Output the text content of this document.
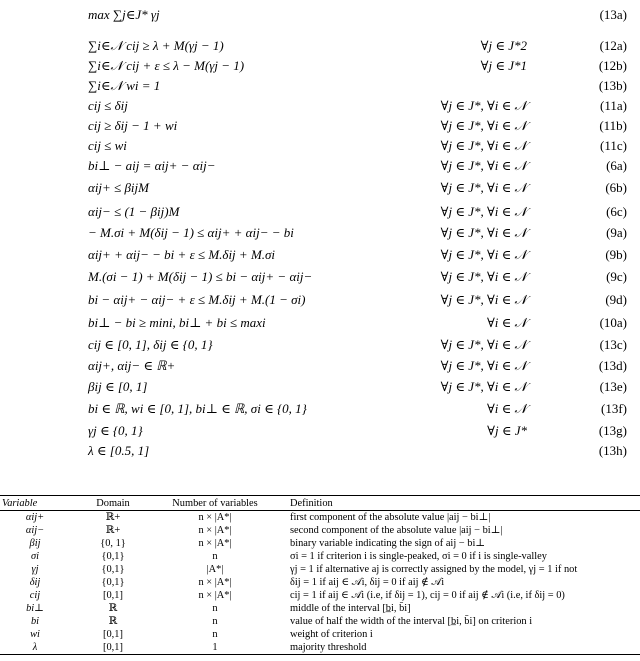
max ∑j∈J* γj	(13a)
∑i∈𝒩 cij ≥ λ + M(γj − 1)	∀j ∈ J*2	(12a)
∑i∈𝒩 cij + ε ≤ λ − M(γj − 1)	∀j ∈ J*1	(12b)
∑i∈𝒩 wi = 1	(13b)
cij ≤ δij	∀j ∈ J*, ∀i ∈ 𝒩	(11a)
cij ≥ δij − 1 + wi	∀j ∈ J*, ∀i ∈ 𝒩	(11b)
cij ≤ wi	∀j ∈ J*, ∀i ∈ 𝒩	(11c)
bi⊥ − aij = αij+ − αij−	∀j ∈ J*, ∀i ∈ 𝒩	(6a)
αij+ ≤ βijM	∀j ∈ J*, ∀i ∈ 𝒩	(6b)
αij− ≤ (1 − βij)M	∀j ∈ J*, ∀i ∈ 𝒩	(6c)
− M.σi + M(δij − 1) ≤ αij+ + αij− − bi	∀j ∈ J*, ∀i ∈ 𝒩	(9a)
αij+ + αij− − bi + ε ≤ M.δij + M.σi	∀j ∈ J*, ∀i ∈ 𝒩	(9b)
M.(σi − 1) + M(δij − 1) ≤ bi − αij+ − αij−	∀j ∈ J*, ∀i ∈ 𝒩	(9c)
bi − αij+ − αij− + ε ≤ M.δij + M.(1 − σi)	∀j ∈ J*, ∀i ∈ 𝒩	(9d)
bi⊥ − bi ≥ mini, bi⊥ + bi ≤ maxi	∀i ∈ 𝒩	(10a)
cij ∈ [0, 1], δij ∈ {0, 1}	∀j ∈ J*, ∀i ∈ 𝒩	(13c)
αij+, αij− ∈ ℝ+	∀j ∈ J*, ∀i ∈ 𝒩	(13d)
βij ∈ [0, 1]	∀j ∈ J*, ∀i ∈ 𝒩	(13e)
bi ∈ ℝ, wi ∈ [0, 1], bi⊥ ∈ ℝ, σi ∈ {0, 1}	∀i ∈ 𝒩	(13f)
γj ∈ {0, 1}	∀j ∈ J*	(13g)
λ ∈ [0.5, 1]	(13h)
Variable	Domain	Number of variables	Definition
αij+	ℝ+	n × |A*|	first component of the absolute value |aij − bi⊥|
αij−	ℝ+	n × |A*|	second component of the absolute value |aij − bi⊥|
βij	{0, 1}	n × |A*|	binary variable indicating the sign of aij − bi⊥
σi	{0,1}	n	σi = 1 if criterion i is single-peaked, σi = 0 if i is single-valley
γj	{0,1}	|A*|	γj = 1 if alternative aj is correctly assigned by the model, γj = 1 if not
δij	{0,1}	n × |A*|	δij = 1 if aij ∈ 𝒜i, δij = 0 if aij ∉ 𝒜i
cij	[0,1]	n × |A*|	cij = 1 if aij ∈ 𝒜i (i.e, if δij = 1), cij = 0 if aij ∉ 𝒜i (i.e, if δij = 0)
bi⊥	ℝ	n	middle of the interval [b̲i, b̄i]
bi	ℝ	n	value of half the width of the interval [b̲i, b̄i] on criterion i
wi	[0,1]	n	weight of criterion i
λ	[0,1]	1	majority threshold
